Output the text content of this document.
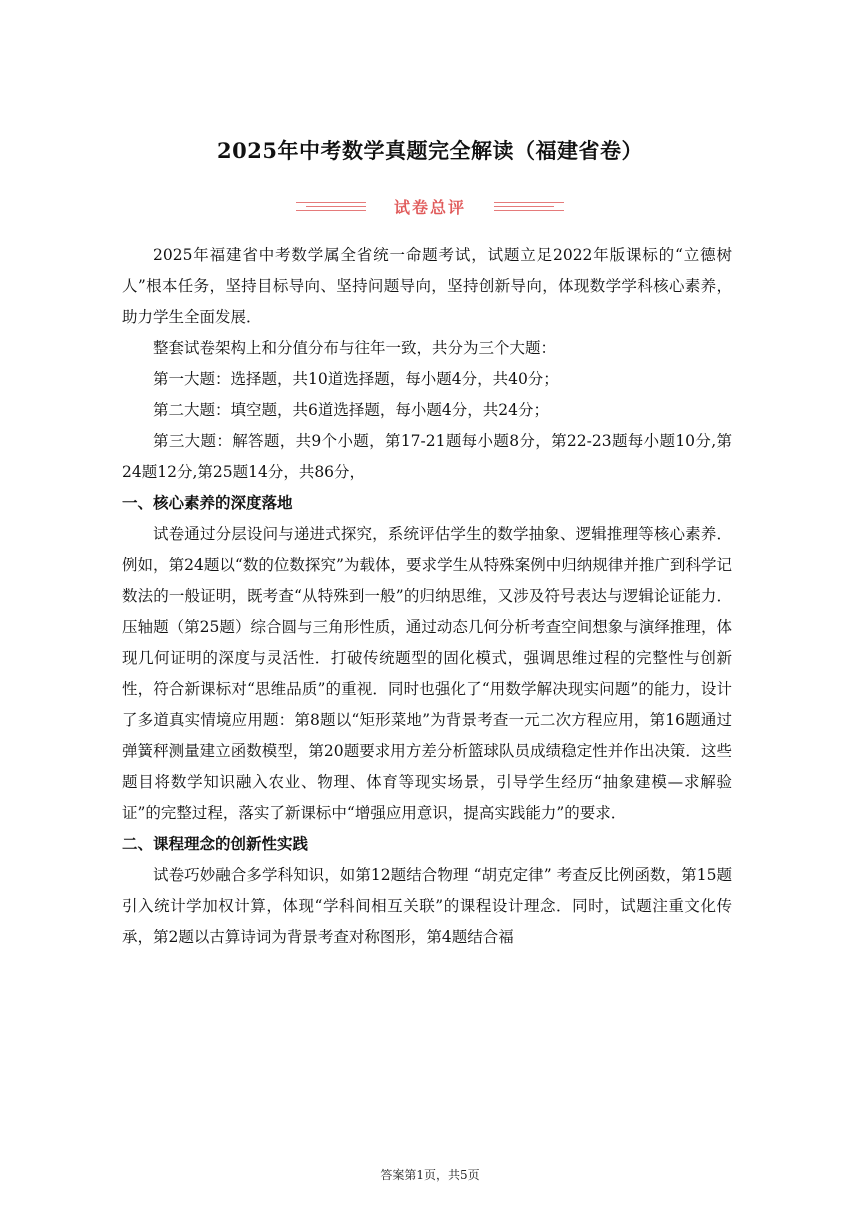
2025年中考数学真题完全解读（福建省卷）
试卷总评

2025年福建省中考数学属全省统一命题考试，试题立足2022年版课标的“立德树人”根本任务，坚持目标导向、坚持问题导向，坚持创新导向，体现数学学科核心素养，助力学生全面发展．

整套试卷架构上和分值分布与往年一致，共分为三个大题：

第一大题：选择题，共10道选择题，每小题4分，共40分；

第二大题：填空题，共6道选择题，每小题4分，共24分；

第三大题：解答题，共9个小题，第17-21题每小题8分，第22-23题每小题10分,第24题12分,第25题14分，共86分，

一、核心素养的深度落地

试卷通过分层设问与递进式探究，系统评估学生的数学抽象、逻辑推理等核心素养．例如，第24题以“数的位数探究”为载体，要求学生从特殊案例中归纳规律并推广到科学记数法的一般证明，既考查“从特殊到一般”的归纳思维，又涉及符号表达与逻辑论证能力．压轴题（第25题）综合圆与三角形性质，通过动态几何分析考查空间想象与演绎推理，体现几何证明的深度与灵活性．打破传统题型的固化模式，强调思维过程的完整性与创新性，符合新课标对“思维品质”的重视．同时也强化了“用数学解决现实问题”的能力，设计了多道真实情境应用题：第8题以“矩形菜地”为背景考查一元二次方程应用，第16题通过弹簧秤测量建立函数模型，第20题要求用方差分析篮球队员成绩稳定性并作出决策．这些题目将数学知识融入农业、物理、体育等现实场景，引导学生经历“抽象建模—求解验证”的完整过程，落实了新课标中“增强应用意识，提高实践能力”的要求．

二、课程理念的创新性实践

试卷巧妙融合多学科知识，如第12题结合物理 “胡克定律” 考查反比例函数，第15题引入统计学加权计算，体现“学科间相互关联”的课程设计理念．同时，试题注重文化传承，第2题以古算诗词为背景考查对称图形，第4题结合福

答案第1页，共5页
